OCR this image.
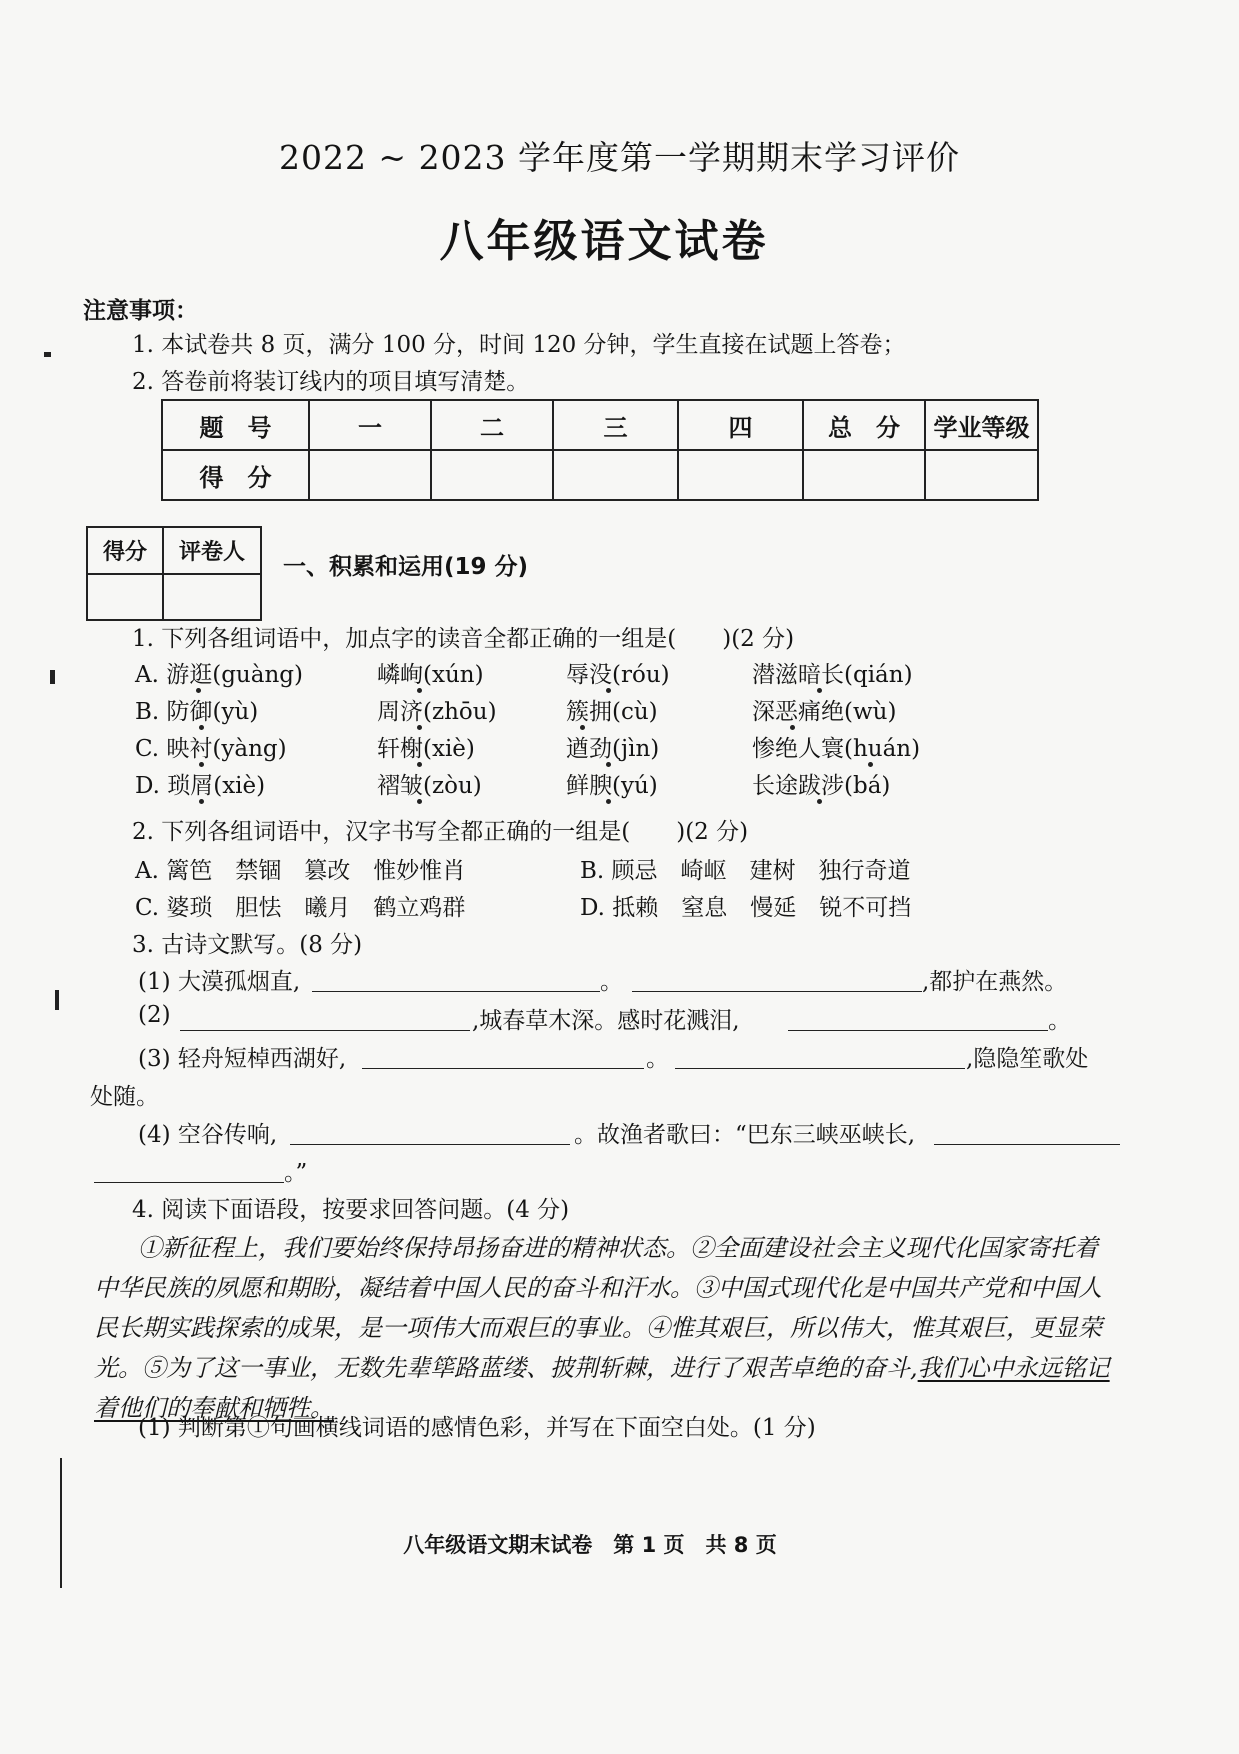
2022 ~ 2023 学年度第一学期期末学习评价
八年级语文试卷
注意事项：
1. 本试卷共 8 页，满分 100 分，时间 120 分钟，学生直接在试题上答卷；
2. 答卷前将装订线内的项目填写清楚。
题　号	一	二	三	四	总　分	学业等级
得　分						
得分	评卷人

一、积累和运用(19 分)
1. 下列各组词语中，加点字的读音全都正确的一组是(　　)(2 分)
A. 游逛(guàng)	嶙峋(xún)	辱没(róu)	潜滋暗长(qián)
B. 防御(yù)	周济(zhōu)	簇拥(cù)	深恶痛绝(wù)
C. 映衬(yàng)	轩榭(xiè)	遒劲(jìn)	惨绝人寰(huán)
D. 琐屑(xiè)	褶皱(zòu)	鲜腴(yú)	长途跋涉(bá)
2. 下列各组词语中，汉字书写全都正确的一组是(　　)(2 分)
A. 篱笆　禁锢　篡改　惟妙惟肖	B. 顾忌　崎岖　建树　独行奇道
C. 婆琐　胆怯　曦月　鹤立鸡群	D. 抵赖　窒息　慢延　锐不可挡
3. 古诗文默写。(8 分)
(1) 大漠孤烟直,	。	,都护在燕然。
(2)	,城春草木深。感时花溅泪,	。
(3) 轻舟短棹西湖好,	。	,隐隐笙歌处
处随。
(4) 空谷传响,	。故渔者歌曰：“巴东三峡巫峡长,
。”
4. 阅读下面语段，按要求回答问题。(4 分)
①新征程上，我们要始终保持昂扬奋进的精神状态。②全面建设社会主义现代化国家寄托着中华民族的夙愿和期盼，凝结着中国人民的奋斗和汗水。③中国式现代化是中国共产党和中国人民长期实践探索的成果，是一项伟大而艰巨的事业。④惟其艰巨，所以伟大，惟其艰巨，更显荣光。⑤为了这一事业，无数先辈筚路蓝缕、披荆斩棘，进行了艰苦卓绝的奋斗,我们心中永远铭记着他们的奉献和牺牲。
(1) 判断第①句画横线词语的感情色彩，并写在下面空白处。(1 分)
八年级语文期末试卷　第 1 页　共 8 页
